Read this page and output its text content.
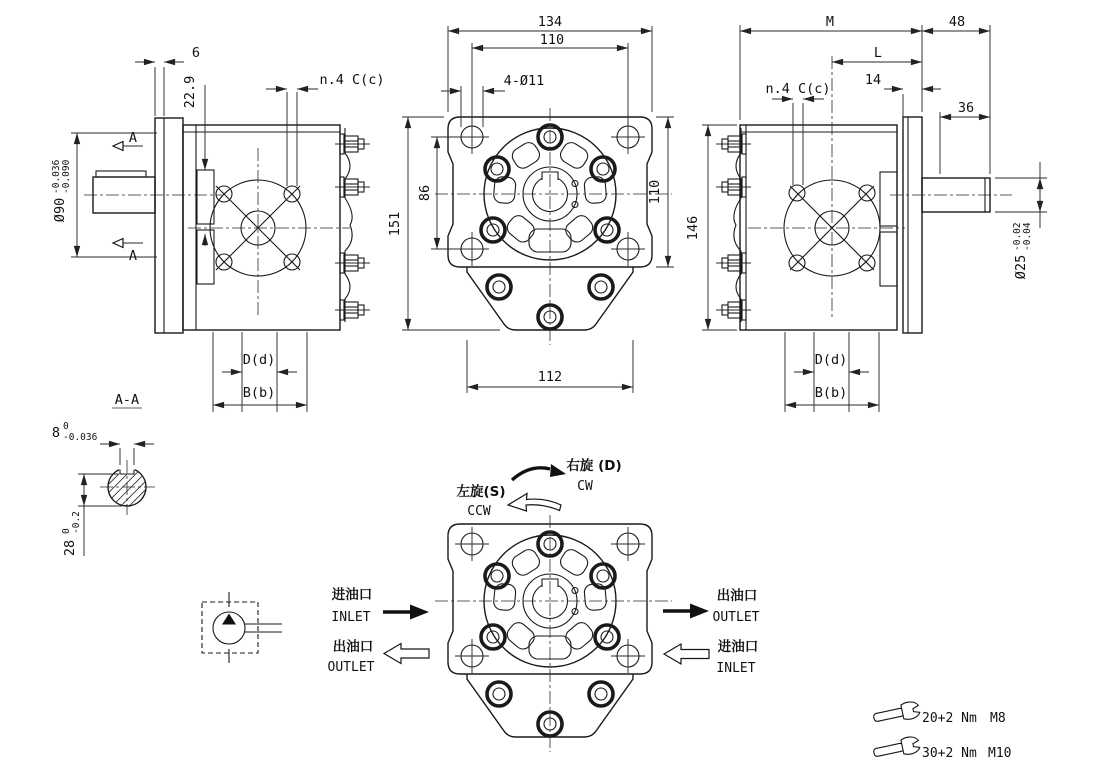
6
22.9	n.4 C(c)
Ø90
-0.036 -0.090
A
A
D(d)
B(b)
134
110
4-Ø11
86
151
110
112
M	48
L
14
36
n.4 C(c)
146
Ø25
-0.02 -0.04
D(d)
B(b)
A-A
8 0
-0.036
28
0 -0.2
右旋 (D)
CW
左旋(S)
CCW
进油口
INLET
出油口
OUTLET
出油口
OUTLET
进油口
INLET
20+2 Nm M8
30+2 Nm M10
